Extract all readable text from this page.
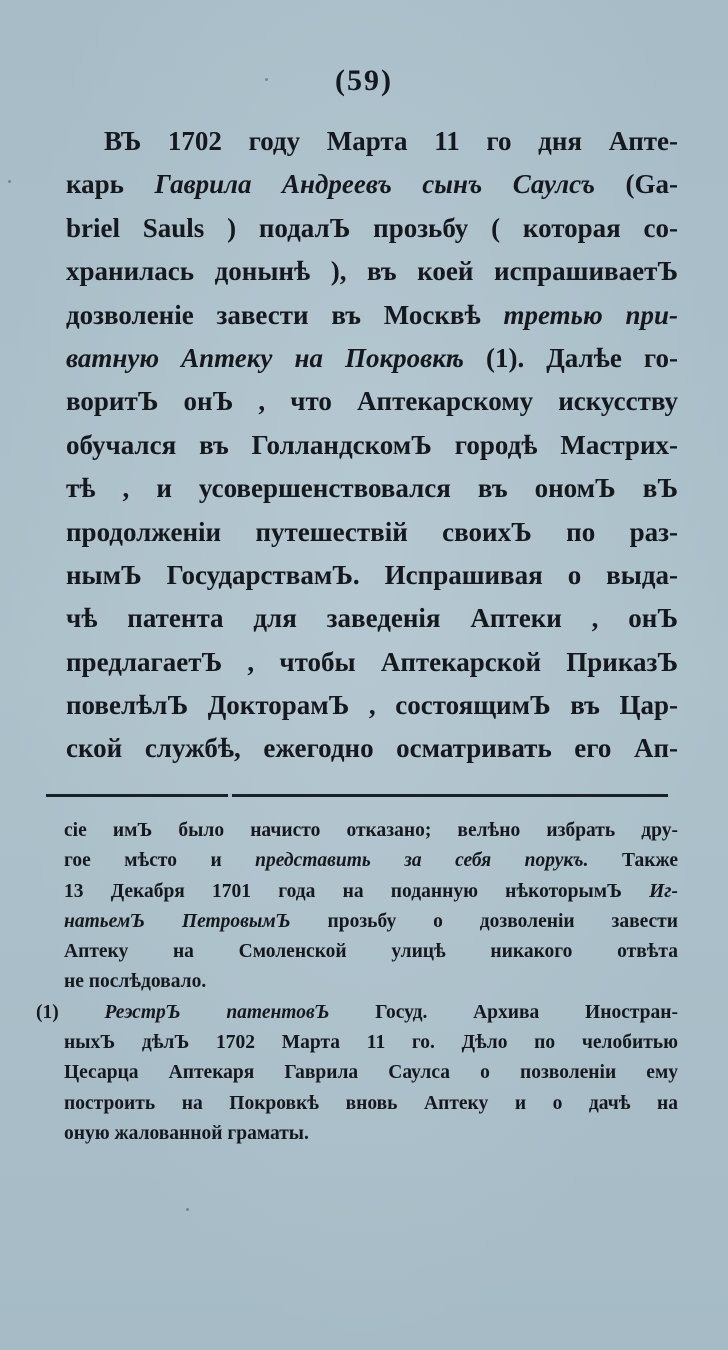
(59)
ВЪ 1702 году Марта 11 го дня Апте-
карь Гаврила Андреевъ сынъ Саулсъ (Ga-
briel Sauls ) подалЪ прозьбу ( которая со-
хранилась донынѣ ), въ коей испрашиваетЪ
дозволеніе завести въ Москвѣ третью при-
ватную Аптеку на Покровкѣ (1). Далѣе го-
воритЪ онЪ , что Аптекарскому искусству
обучался въ ГолландскомЪ городѣ Мастрих-
тѣ , и усовершенствовался въ ономЪ вЪ
продолженіи путешествій своихЪ по раз-
нымЪ ГосударствамЪ. Испрашивая о выда-
чѣ патента для заведенія Аптеки , онЪ
предлагаетЪ , чтобы Аптекарской ПриказЪ
повелѣлЪ ДокторамЪ , состоящимЪ въ Цар-
ской службѣ, ежегодно осматривать его Ап-
сіе имЪ было начисто отказано; велѣно избрать дру-
гое мѣсто и представить за себя порукъ. Также
13 Декабря 1701 года на поданную нѣкоторымЪ Иг-
натьемЪ ПетровымЪ прозьбу о дозволеніи завести
Аптеку на Смоленской улицѣ никакого отвѣта
не послѣдовало.
(1) РеэстрЪ патентовЪ Госуд. Архива Иностран-
ныхЪ дѣлЪ 1702 Марта 11 го. Дѣло по челобитью
Цесарца Аптекаря Гаврила Саулса о позволеніи ему
построить на Покровкѣ вновь Аптеку и о дачѣ на
оную жалованной граматы.
